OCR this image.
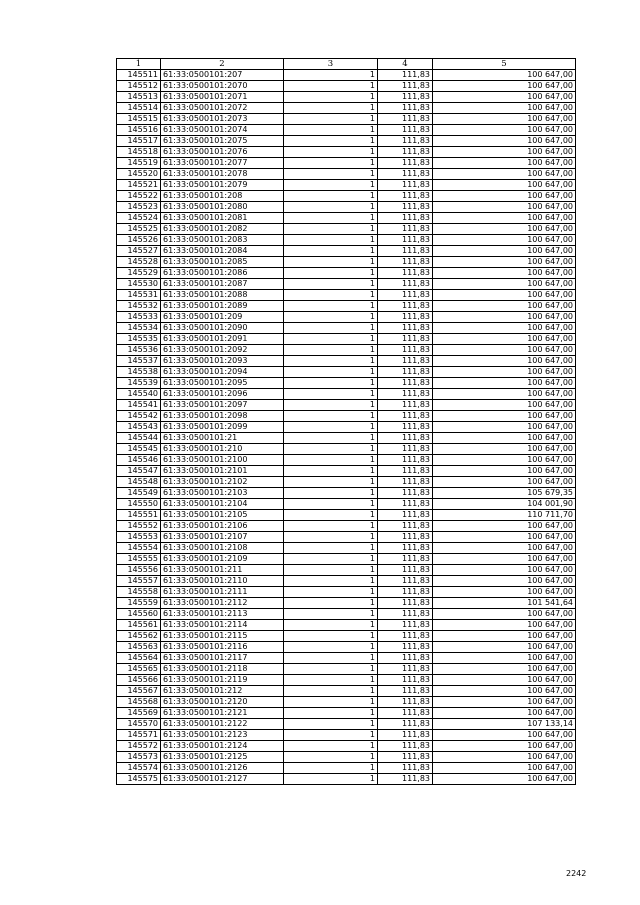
1	2	3	4	5
145511	61:33:0500101:207	1	111,83	100 647,00
145512	61:33:0500101:2070	1	111,83	100 647,00
145513	61:33:0500101:2071	1	111,83	100 647,00
145514	61:33:0500101:2072	1	111,83	100 647,00
145515	61:33:0500101:2073	1	111,83	100 647,00
145516	61:33:0500101:2074	1	111,83	100 647,00
145517	61:33:0500101:2075	1	111,83	100 647,00
145518	61:33:0500101:2076	1	111,83	100 647,00
145519	61:33:0500101:2077	1	111,83	100 647,00
145520	61:33:0500101:2078	1	111,83	100 647,00
145521	61:33:0500101:2079	1	111,83	100 647,00
145522	61:33:0500101:208	1	111,83	100 647,00
145523	61:33:0500101:2080	1	111,83	100 647,00
145524	61:33:0500101:2081	1	111,83	100 647,00
145525	61:33:0500101:2082	1	111,83	100 647,00
145526	61:33:0500101:2083	1	111,83	100 647,00
145527	61:33:0500101:2084	1	111,83	100 647,00
145528	61:33:0500101:2085	1	111,83	100 647,00
145529	61:33:0500101:2086	1	111,83	100 647,00
145530	61:33:0500101:2087	1	111,83	100 647,00
145531	61:33:0500101:2088	1	111,83	100 647,00
145532	61:33:0500101:2089	1	111,83	100 647,00
145533	61:33:0500101:209	1	111,83	100 647,00
145534	61:33:0500101:2090	1	111,83	100 647,00
145535	61:33:0500101:2091	1	111,83	100 647,00
145536	61:33:0500101:2092	1	111,83	100 647,00
145537	61:33:0500101:2093	1	111,83	100 647,00
145538	61:33:0500101:2094	1	111,83	100 647,00
145539	61:33:0500101:2095	1	111,83	100 647,00
145540	61:33:0500101:2096	1	111,83	100 647,00
145541	61:33:0500101:2097	1	111,83	100 647,00
145542	61:33:0500101:2098	1	111,83	100 647,00
145543	61:33:0500101:2099	1	111,83	100 647,00
145544	61:33:0500101:21	1	111,83	100 647,00
145545	61:33:0500101:210	1	111,83	100 647,00
145546	61:33:0500101:2100	1	111,83	100 647,00
145547	61:33:0500101:2101	1	111,83	100 647,00
145548	61:33:0500101:2102	1	111,83	100 647,00
145549	61:33:0500101:2103	1	111,83	105 679,35
145550	61:33:0500101:2104	1	111,83	104 001,90
145551	61:33:0500101:2105	1	111,83	110 711,70
145552	61:33:0500101:2106	1	111,83	100 647,00
145553	61:33:0500101:2107	1	111,83	100 647,00
145554	61:33:0500101:2108	1	111,83	100 647,00
145555	61:33:0500101:2109	1	111,83	100 647,00
145556	61:33:0500101:211	1	111,83	100 647,00
145557	61:33:0500101:2110	1	111,83	100 647,00
145558	61:33:0500101:2111	1	111,83	100 647,00
145559	61:33:0500101:2112	1	111,83	101 541,64
145560	61:33:0500101:2113	1	111,83	100 647,00
145561	61:33:0500101:2114	1	111,83	100 647,00
145562	61:33:0500101:2115	1	111,83	100 647,00
145563	61:33:0500101:2116	1	111,83	100 647,00
145564	61:33:0500101:2117	1	111,83	100 647,00
145565	61:33:0500101:2118	1	111,83	100 647,00
145566	61:33:0500101:2119	1	111,83	100 647,00
145567	61:33:0500101:212	1	111,83	100 647,00
145568	61:33:0500101:2120	1	111,83	100 647,00
145569	61:33:0500101:2121	1	111,83	100 647,00
145570	61:33:0500101:2122	1	111,83	107 133,14
145571	61:33:0500101:2123	1	111,83	100 647,00
145572	61:33:0500101:2124	1	111,83	100 647,00
145573	61:33:0500101:2125	1	111,83	100 647,00
145574	61:33:0500101:2126	1	111,83	100 647,00
145575	61:33:0500101:2127	1	111,83	100 647,00
2242
